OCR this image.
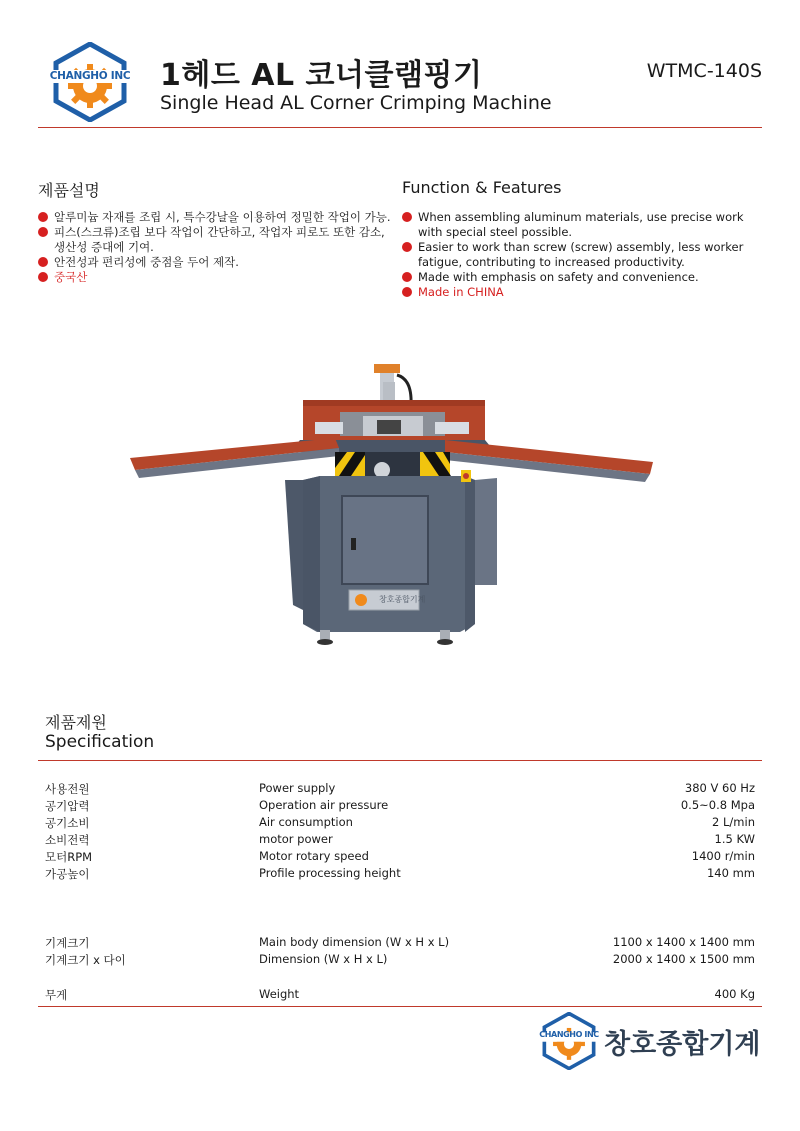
CHANGHO INC 1헤드 AL 코너클램핑기
Single Head AL Corner Crimping Machine
WTMC-140S
제품설명
알루미늄 자재를 조립 시, 특수강날을 이용하여 정밀한 작업이 가능.
피스(스크류)조립 보다 작업이 간단하고, 작업자 피로도 또한 감소, 생산성 증대에 기여.
안전성과 편리성에 중점을 두어 제작.
중국산
Function & Features
When assembling aluminum materials, use precise work with special steel possible.
Easier to work than screw (screw) assembly, less worker fatigue, contributing to increased productivity.
Made with emphasis on safety and convenience.
Made in CHINA
창호종합기계
제품제원
Specification
사용전원	Power supply	380 V 60 Hz
공기압력	Operation air pressure	0.5~0.8 Mpa
공기소비	Air consumption	2 L/min
소비전력	motor power	1.5 KW
모터RPM	Motor rotary speed	1400 r/min
가공높이	Profile processing height	140 mm
기계크기	Main body dimension (W x H x L)	1100 x 1400 x 1400 mm
기계크기 x 다이	Dimension (W x H x L)	2000 x 1400 x 1500 mm
무게	Weight	400 Kg
CHANGHO INC 창호종합기계
